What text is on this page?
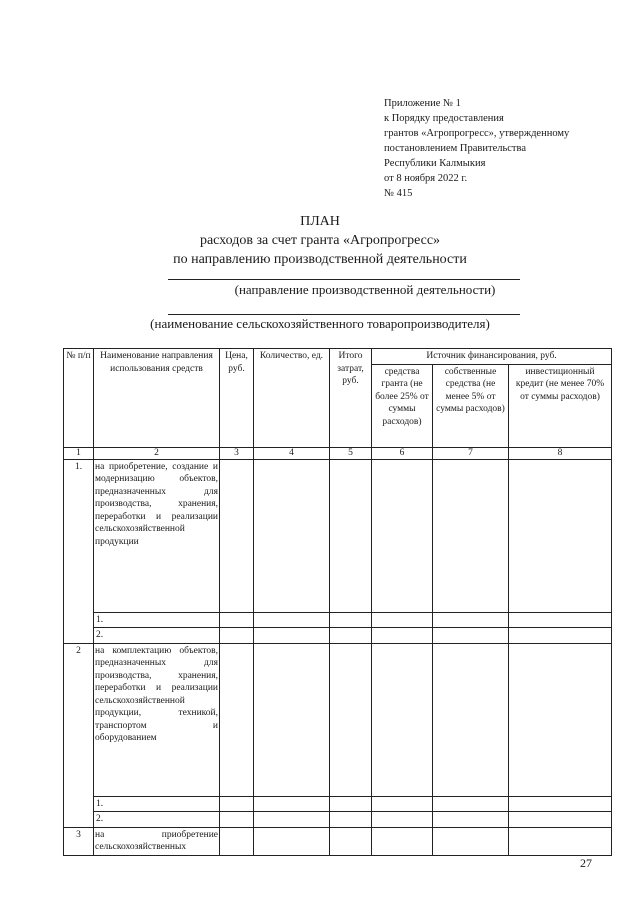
Приложение № 1
к Порядку предоставления
грантов «Агропрогресс», утвержденному
постановлением Правительства
Республики Калмыкия
от 8 ноября 2022 г.
№ 415
ПЛАН
расходов за счет гранта «Агропрогресс»
по направлению производственной деятельности
(направление производственной деятельности)
(наименование сельскохозяйственного товаропроизводителя)
№ п/п	Наименование направления использования средств	Цена, руб.	Количество, ед.	Итого затрат, руб.	Источник финансирования, руб.		
					средства гранта (не более 25% от суммы расходов)	собственные средства (не менее 5% от суммы расходов)	инвестиционный кредит (не менее 70% от суммы расходов)
1	2	3	4	5	6	7	8
1.	на приобретение, создание и модернизацию объектов, предназначенных для производства, хранения, переработки и реализации сельскохозяйственной продукции						
	1.						
	2.						
2	на комплектацию объектов, предназначенных для производства, хранения, переработки и реализации сельскохозяйственной продукции, техникой, транспортом и оборудованием						
	1.						
	2.						
3	на приобретение сельскохозяйственных						
27
